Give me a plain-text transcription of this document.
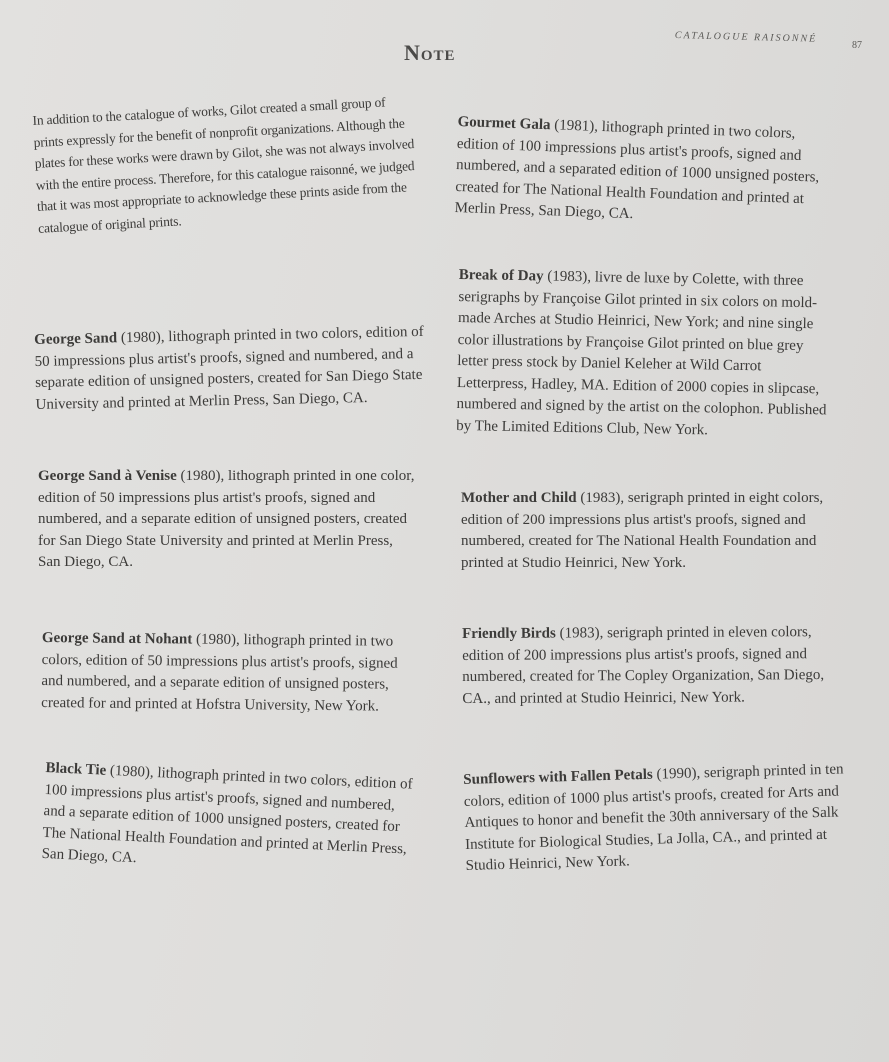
CATALOGUE RAISONNÉ
87
Note
In addition to the catalogue of works, Gilot created a small group of prints expressly for the benefit of nonprofit organizations. Although the plates for these works were drawn by Gilot, she was not always involved with the entire process. Therefore, for this catalogue raisonné, we judged that it was most appropriate to acknowledge these prints aside from the catalogue of original prints.
George Sand (1980), lithograph printed in two colors, edition of 50 impressions plus artist's proofs, signed and numbered, and a separate edition of unsigned posters, created for San Diego State University and printed at Merlin Press, San Diego, CA.
George Sand à Venise (1980), lithograph printed in one color, edition of 50 impressions plus artist's proofs, signed and numbered, and a separate edition of unsigned posters, created for San Diego State University and printed at Merlin Press, San Diego, CA.
George Sand at Nohant (1980), lithograph printed in two colors, edition of 50 impressions plus artist's proofs, signed and numbered, and a separate edition of unsigned posters, created for and printed at Hofstra University, New York.
Black Tie (1980), lithograph printed in two colors, edition of 100 impressions plus artist's proofs, signed and numbered, and a separate edition of 1000 unsigned posters, created for The National Health Foundation and printed at Merlin Press, San Diego, CA.
Gourmet Gala (1981), lithograph printed in two colors, edition of 100 impressions plus artist's proofs, signed and numbered, and a separated edition of 1000 unsigned posters, created for The National Health Foundation and printed at Merlin Press, San Diego, CA.
Break of Day (1983), livre de luxe by Colette, with three serigraphs by Françoise Gilot printed in six colors on mold-made Arches at Studio Heinrici, New York; and nine single color illustrations by Françoise Gilot printed on blue grey letter press stock by Daniel Keleher at Wild Carrot Letterpress, Hadley, MA. Edition of 2000 copies in slipcase, numbered and signed by the artist on the colophon. Published by The Limited Editions Club, New York.
Mother and Child (1983), serigraph printed in eight colors, edition of 200 impressions plus artist's proofs, signed and numbered, created for The National Health Foundation and printed at Studio Heinrici, New York.
Friendly Birds (1983), serigraph printed in eleven colors, edition of 200 impressions plus artist's proofs, signed and numbered, created for The Copley Organization, San Diego, CA., and printed at Studio Heinrici, New York.
Sunflowers with Fallen Petals (1990), serigraph printed in ten colors, edition of 1000 plus artist's proofs, created for Arts and Antiques to honor and benefit the 30th anniversary of the Salk Institute for Biological Studies, La Jolla, CA., and printed at Studio Heinrici, New York.
